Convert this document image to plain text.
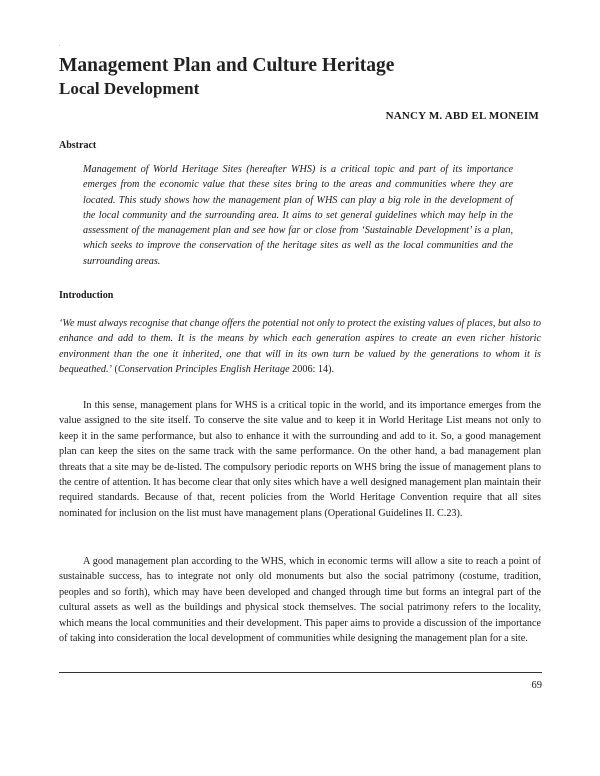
.
Management Plan and Culture Heritage
Local Development
NANCY M. ABD EL MONEIM
Abstract

Management of World Heritage Sites (hereafter WHS) is a critical topic and part of its importance emerges from the economic value that these sites bring to the areas and communities where they are located. This study shows how the management plan of WHS can play a big role in the development of the local community and the surrounding area. It aims to set general guidelines which may help in the assessment of the management plan and see how far or close from ‘Sustainable Development’ is a plan, which seeks to improve the conservation of the heritage sites as well as the local communities and the surrounding areas.

Introduction

‘We must always recognise that change offers the potential not only to protect the existing values of places, but also to enhance and add to them. It is the means by which each generation aspires to create an even richer historic environment than the one it inherited, one that will in its own turn be valued by the generations to whom it is bequeathed.’ (Conservation Principles English Heritage 2006: 14).

In this sense, management plans for WHS is a critical topic in the world, and its importance emerges from the value assigned to the site itself. To conserve the site value and to keep it in World Heritage List means not only to keep it in the same performance, but also to enhance it with the surrounding and add to it. So, a good management plan can keep the sites on the same track with the same performance. On the other hand, a bad management plan threats that a site may be de-listed. The compulsory periodic reports on WHS bring the issue of management plans to the centre of attention. It has become clear that only sites which have a well designed management plan maintain their required standards. Because of that, recent policies from the World Heritage Convention require that all sites nominated for inclusion on the list must have management plans (Operational Guidelines II. C.23).

A good management plan according to the WHS, which in economic terms will allow a site to reach a point of sustainable success, has to integrate not only old monuments but also the social patrimony (costume, tradition, peoples and so forth), which may have been developed and changed through time but forms an integral part of the cultural assets as well as the buildings and physical stock themselves. The social patrimony refers to the locality, which means the local communities and their development. This paper aims to provide a discussion of the importance of taking into consideration the local development of communities while designing the management plan for a site.

69
